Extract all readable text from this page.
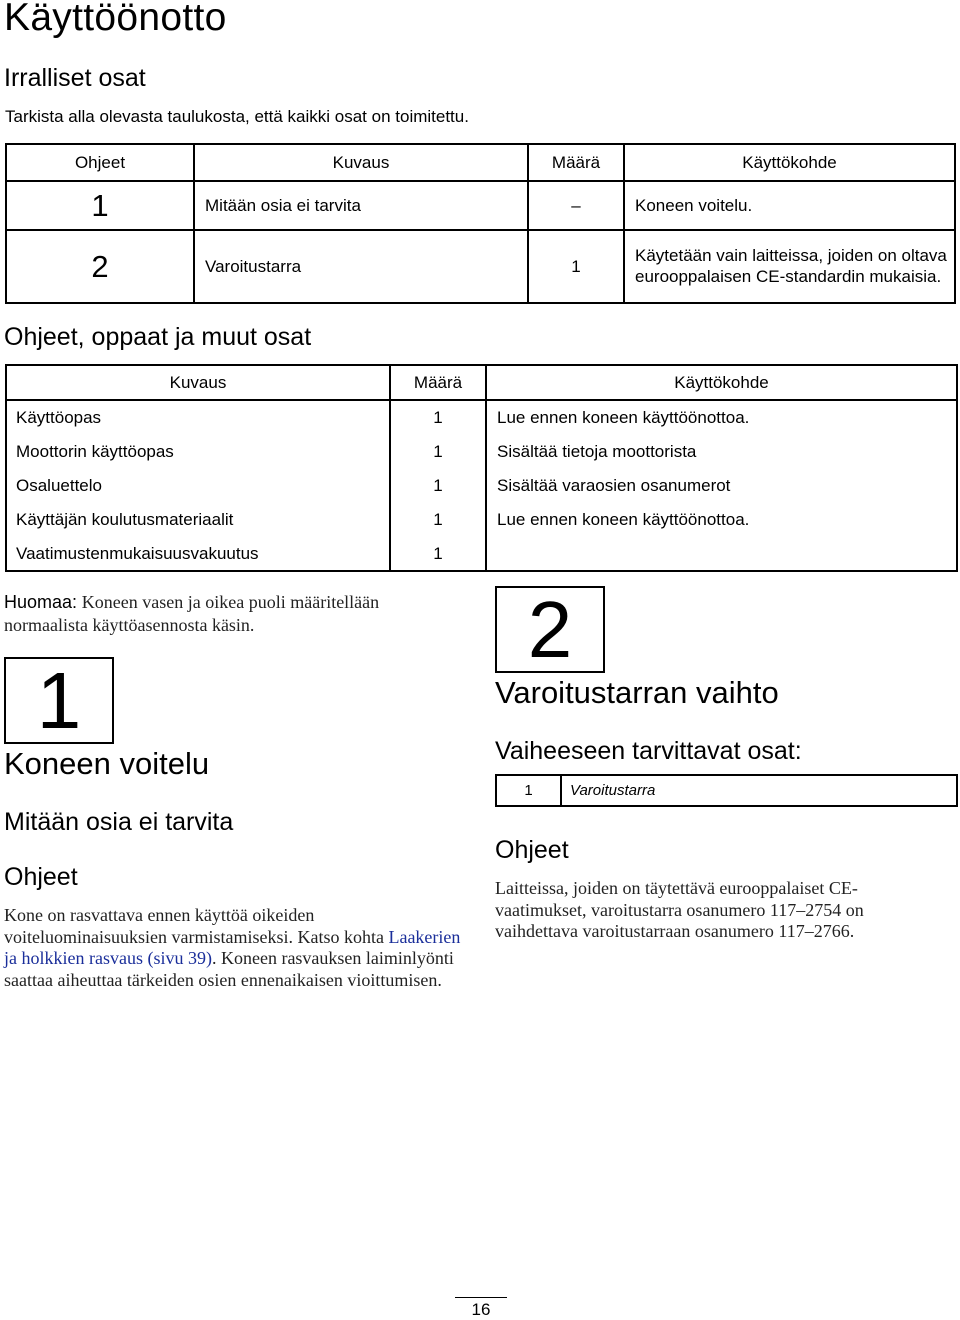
Käyttöönotto
Irralliset osat
Tarkista alla olevasta taulukosta, että kaikki osat on toimitettu.
Ohjeet	Kuvaus	Määrä	Käyttökohde
1	Mitään osia ei tarvita	–	Koneen voitelu.
2	Varoitustarra	1	Käytetään vain laitteissa, joiden on oltava eurooppalaisen CE-standardin mukaisia.
Ohjeet, oppaat ja muut osat
Kuvaus	Määrä	Käyttökohde
Käyttöopas	1	Lue ennen koneen käyttöönottoa.
Moottorin käyttöopas	1	Sisältää tietoja moottorista
Osaluettelo	1	Sisältää varaosien osanumerot
Käyttäjän koulutusmateriaalit	1	Lue ennen koneen käyttöönottoa.
Vaatimustenmukaisuusvakuutus	1	
Huomaa: Koneen vasen ja oikea puoli määritellään normaalista käyttöasennosta käsin.
1
Koneen voitelu
Mitään osia ei tarvita
Ohjeet
Kone on rasvattava ennen käyttöä oikeiden voiteluominaisuuksien varmistamiseksi. Katso kohta Laakerien ja holkkien rasvaus (sivu 39). Koneen rasvauksen laiminlyönti saattaa aiheuttaa tärkeiden osien ennenaikaisen vioittumisen.
2
Varoitustarran vaihto
Vaiheeseen tarvittavat osat:
1	Varoitustarra
Ohjeet
Laitteissa, joiden on täytettävä eurooppalaiset CE-vaatimukset, varoitustarra osanumero 117–2754 on vaihdettava varoitustarraan osanumero 117–2766.
16
